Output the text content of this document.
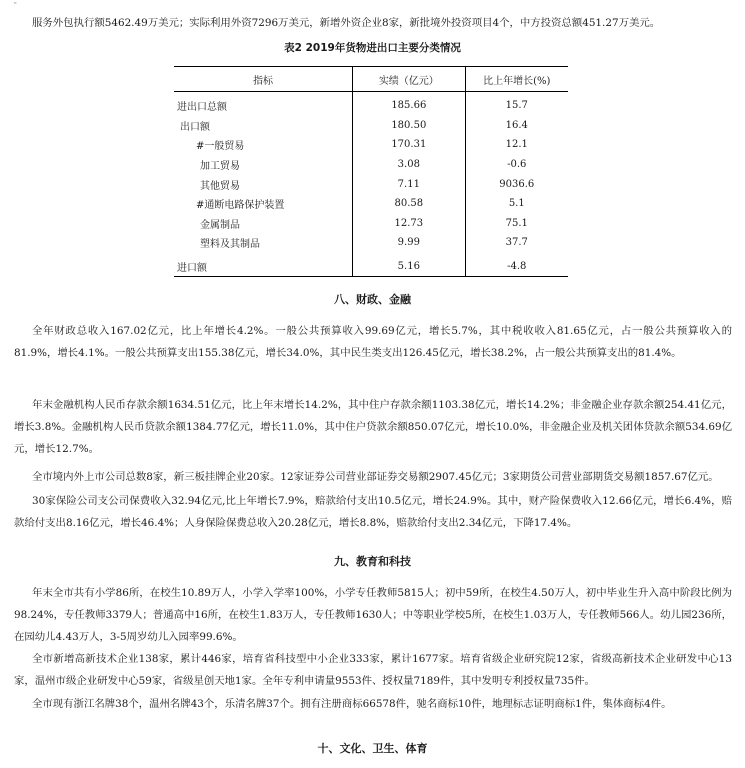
"

服务外包执行额5462.49万美元；实际利用外资7296万美元，新增外资企业8家，新批境外投资项目4个，中方投资总额451.27万美元。

表2 2019年货物进出口主要分类情况

指标	实绩（亿元）	比上年增长(%)
进出口总额	185.66	15.7
出口额	180.50	16.4
#一般贸易	170.31	12.1
加工贸易	3.08	-0.6
其他贸易	7.11	9036.6
#通断电路保护装置	80.58	5.1
金属制品	12.73	75.1
塑料及其制品	9.99	37.7
进口额	5.16	-4.8
八、财政、金融

全年财政总收入167.02亿元，比上年增长4.2%。一般公共预算收入99.69亿元，增长5.7%，其中税收收入81.65亿元，占一般公共预算收入的81.9%，增长4.1%。一般公共预算支出155.38亿元，增长34.0%，其中民生类支出126.45亿元，增长38.2%，占一般公共预算支出的81.4%。

年末金融机构人民币存款余额1634.51亿元，比上年末增长14.2%，其中住户存款余额1103.38亿元，增长14.2%；非金融企业存款余额254.41亿元，增长3.8%。金融机构人民币贷款余额1384.77亿元，增长11.0%，其中住户贷款余额850.07亿元，增长10.0%，非金融企业及机关团体贷款余额534.69亿元，增长12.7%。

全市境内外上市公司总数8家，新三板挂牌企业20家。12家证券公司营业部证券交易额2907.45亿元；3家期货公司营业部期货交易额1857.67亿元。

30家保险公司支公司保费收入32.94亿元,比上年增长7.9%，赔款给付支出10.5亿元，增长24.9%。其中，财产险保费收入12.66亿元，增长6.4%，赔款给付支出8.16亿元，增长46.4%；人身保险保费总收入20.28亿元，增长8.8%，赔款给付支出2.34亿元，下降17.4%。

九、教育和科技

年末全市共有小学86所，在校生10.89万人，小学入学率100%，小学专任教师5815人；初中59所，在校生4.50万人，初中毕业生升入高中阶段比例为98.24%，专任教师3379人；普通高中16所，在校生1.83万人，专任教师1630人；中等职业学校5所，在校生1.03万人，专任教师566人。幼儿园236所，在园幼儿4.43万人，3-5周岁幼儿入园率99.6%。

全市新增高新技术企业138家，累计446家，培育省科技型中小企业333家，累计1677家。培育省级企业研究院12家，省级高新技术企业研发中心13家，温州市级企业研发中心59家，省级星创天地1家。全年专利申请量9553件、授权量7189件，其中发明专利授权量735件。

全市现有浙江名牌38个，温州名牌43个，乐清名牌37个。拥有注册商标66578件，驰名商标10件，地理标志证明商标1件，集体商标4件。

十、文化、卫生、体育
